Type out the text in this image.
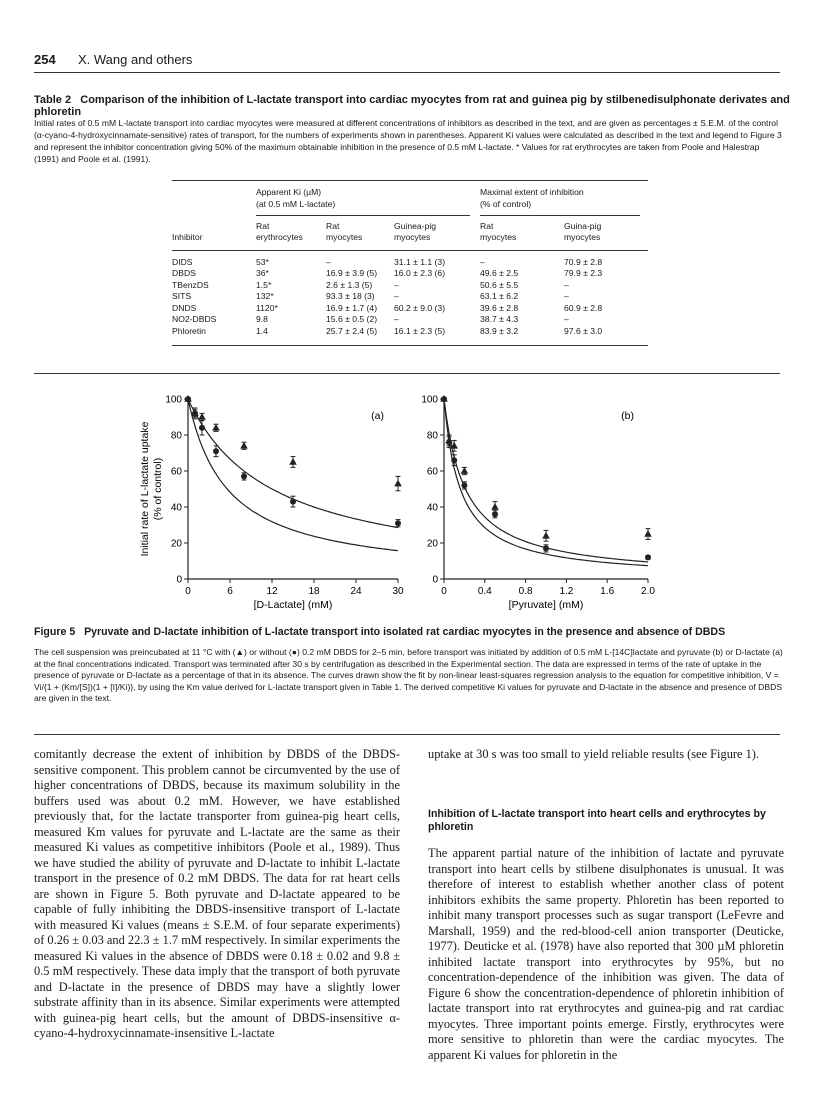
254 X. Wang and others
Table 2 Comparison of the inhibition of L-lactate transport into cardiac myocytes from rat and guinea pig by stilbenedisulphonate derivates and phloretin
Initial rates of 0.5 mM L-lactate transport into cardiac myocytes were measured at different concentrations of inhibitors as described in the text, and are given as percentages ± S.E.M. of the control (α-cyano-4-hydroxycinnamate-sensitive) rates of transport, for the numbers of experiments shown in parentheses. Apparent Ki values were calculated as described in the text and legend to Figure 3 and represent the inhibitor concentration giving 50% of the maximum obtainable inhibition in the presence of 0.5 mM L-lactate. * Values for rat erythrocytes are taken from Poole and Halestrap (1991) and Poole et al. (1991).
	Apparent Ki (µM)			Maximal extent of inhibition	

	(at 0.5 mM L-lactate)			(% of control)	

	Rat	Rat	Guinea-pig	Rat	Guina-pig
Inhibitor	erythrocytes	myocytes	myocytes	myocytes	myocytes
DIDS	53*	–	31.1 ± 1.1 (3)	–	70.9 ± 2.8
DBDS	36*	16.9 ± 3.9 (5)	16.0 ± 2.3 (6)	49.6 ± 2.5	79.9 ± 2.3
TBenzDS	1.5*	2.6 ± 1.3 (5)	–	50.6 ± 5.5	–
SITS	132*	93.3 ± 18 (3)	–	63.1 ± 6.2	–
DNDS	1120*	16.9 ± 1.7 (4)	60.2 ± 9.0 (3)	39.6 ± 2.8	60.9 ± 2.8
NO2-DBDS	9.8	15.6 ± 0.5 (2)	–	38.7 ± 4.3	–
Phloretin	1.4	25.7 ± 2.4 (5)	16.1 ± 2.3 (5)	83.9 ± 3.2	97.6 ± 3.0
0
20
40
60
80
100
0	6	12	18	24	30
[D-Lactate] (mM)
(a)
Initial rate of L-lactate uptake (% of control)
0
20
40
60
80
100
0	0.4	0.8	1.2	1.6	2.0
[Pyruvate] (mM)
(b)
Figure 5 Pyruvate and D-lactate inhibition of L-lactate transport into isolated rat cardiac myocytes in the presence and absence of DBDS
The cell suspension was preincubated at 11 °C with (▲) or without (●) 0.2 mM DBDS for 2–5 min, before transport was initiated by addition of 0.5 mM L-[14C]lactate and pyruvate (b) or D-lactate (a) at the final concentrations indicated. Transport was terminated after 30 s by centrifugation as described in the Experimental section. The data are expressed in terms of the rate of uptake in the presence of pyruvate or D-lactate as a percentage of that in its absence. The curves drawn show the fit by non-linear least-squares regression analysis to the equation for competitive inhibition, V = Vi/{1 + (Km/[S])(1 + [I]/Ki)}, by using the Km value derived for L-lactate transport given in Table 1. The derived competitive Ki values for pyruvate and D-lactate in the absence and presence of DBDS are given in the text.

comitantly decrease the extent of inhibition by DBDS of the DBDS-sensitive component. This problem cannot be circumvented by the use of higher concentrations of DBDS, because its maximum solubility in the buffers used was about 0.2 mM. However, we have established previously that, for the lactate transporter from guinea-pig heart cells, measured Km values for pyruvate and L-lactate are the same as their measured Ki values as competitive inhibitors (Poole et al., 1989). Thus we have studied the ability of pyruvate and D-lactate to inhibit L-lactate transport in the presence of 0.2 mM DBDS. The data for rat heart cells are shown in Figure 5. Both pyruvate and D-lactate appeared to be capable of fully inhibiting the DBDS-insensitive transport of L-lactate with measured Ki values (means ± S.E.M. of four separate experiments) of 0.26 ± 0.03 and 22.3 ± 1.7 mM respectively. In similar experiments the measured Ki values in the absence of DBDS were 0.18 ± 0.02 and 9.8 ± 0.5 mM respectively. These data imply that the transport of both pyruvate and D-lactate in the presence of DBDS may have a slightly lower substrate affinity than in its absence. Similar experiments were attempted with guinea-pig heart cells, but the amount of DBDS-insensitive α-cyano-4-hydroxycinnamate-insensitive L-lactate

uptake at 30 s was too small to yield reliable results (see Figure 1).

Inhibition of L-lactate transport into heart cells and erythrocytes by phloretin

The apparent partial nature of the inhibition of lactate and pyruvate transport into heart cells by stilbene disulphonates is unusual. It was therefore of interest to establish whether another class of potent inhibitors exhibits the same property. Phloretin has been reported to inhibit many transport processes such as sugar transport (LeFevre and Marshall, 1959) and the red-blood-cell anion transporter (Deuticke, 1977). Deuticke et al. (1978) have also reported that 300 µM phloretin inhibited lactate transport into erythrocytes by 95%, but no concentration-dependence of the inhibition was given. The data of Figure 6 show the concentration-dependence of phloretin inhibition of lactate transport into rat erythrocytes and guinea-pig and rat cardiac myocytes. Three important points emerge. Firstly, erythrocytes were more sensitive to phloretin than were the cardiac myocytes. The apparent Ki values for phloretin in the
